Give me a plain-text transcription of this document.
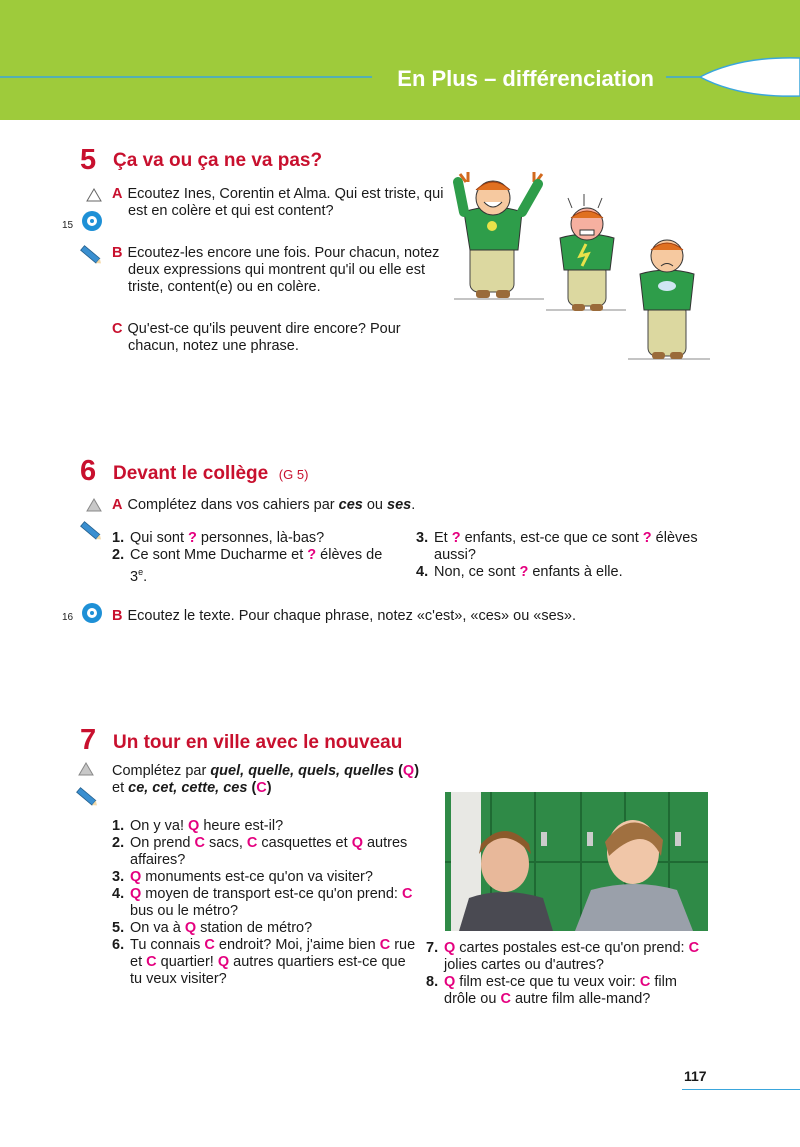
En Plus – différenciation
5 Ça va ou ça ne va pas?
15
A Ecoutez Ines, Corentin et Alma. Qui est triste, qui est en colère et qui est content?
B Ecoutez-les encore une fois. Pour chacun, notez deux expressions qui montrent qu'il ou elle est triste, content(e) ou en colère.
C Qu'est-ce qu'ils peuvent dire encore? Pour chacun, notez une phrase.
6 Devant le collège (G 5)
A Complétez dans vos cahiers par ces ou ses.
1. Qui sont ? personnes, là-bas?
2. Ce sont Mme Ducharme et ? élèves de 3e.
3. Et ? enfants, est-ce que ce sont ? élèves aussi?
4. Non, ce sont ? enfants à elle.
16	B Ecoutez le texte. Pour chaque phrase, notez «c'est», «ces» ou «ses».
7 Un tour en ville avec le nouveau
Complétez par quel, quelle, quels, quelles (Q)
et ce, cet, cette, ces (C)
1. On y va! Q heure est-il?
2. On prend C sacs, C casquettes et Q autres affaires?
3. Q monuments est-ce qu'on va visiter?
4. Q moyen de transport est-ce qu'on prend: C bus ou le métro?
5. On va à Q station de métro?
6. Tu connais C endroit? Moi, j'aime bien C rue et C quartier! Q autres quartiers est-ce que tu veux visiter?
7. Q cartes postales est-ce qu'on prend: C jolies cartes ou d'autres?
8. Q film est-ce que tu veux voir: C film drôle ou C autre film alle-mand?
117
